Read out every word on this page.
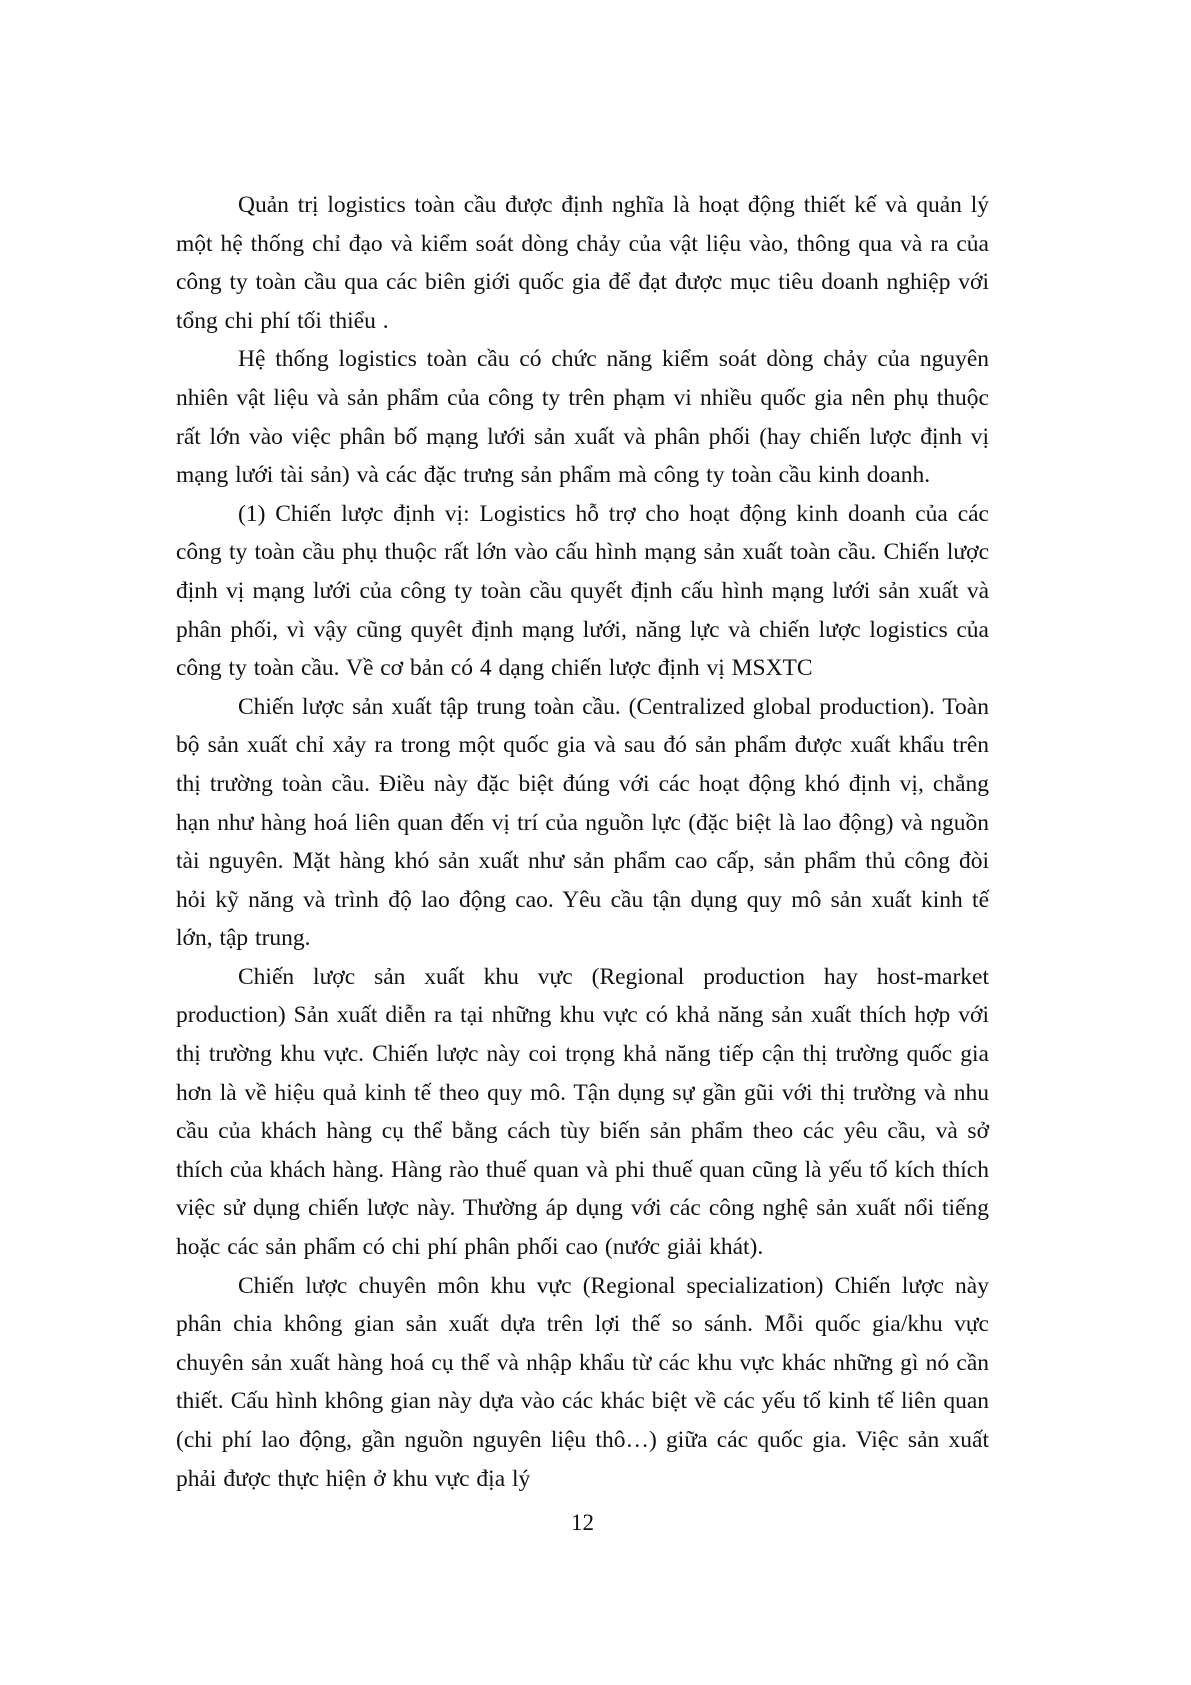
Quản trị logistics toàn cầu được định nghĩa là hoạt động thiết kế và quản lý một hệ thống chỉ đạo và kiểm soát dòng chảy của vật liệu vào, thông qua và ra của công ty toàn cầu qua các biên giới quốc gia để đạt được mục tiêu doanh nghiệp với tổng chi phí tối thiểu .

Hệ thống logistics toàn cầu có chức năng kiểm soát dòng chảy của nguyên nhiên vật liệu và sản phẩm của công ty trên phạm vi nhiều quốc gia nên phụ thuộc rất lớn vào việc phân bố mạng lưới sản xuất và phân phối (hay chiến lược định vị mạng lưới tài sản) và các đặc trưng sản phẩm mà công ty toàn cầu kinh doanh.

(1) Chiến lược định vị: Logistics hỗ trợ cho hoạt động kinh doanh của các công ty toàn cầu phụ thuộc rất lớn vào cấu hình mạng sản xuất toàn cầu. Chiến lược định vị mạng lưới của công ty toàn cầu quyết định cấu hình mạng lưới sản xuất và phân phối, vì vậy cũng quyêt định mạng lưới, năng lực và chiến lược logistics của công ty toàn cầu. Về cơ bản có 4 dạng chiến lược định vị MSXTC

Chiến lược sản xuất tập trung toàn cầu. (Centralized global production). Toàn bộ sản xuất chỉ xảy ra trong một quốc gia và sau đó sản phẩm được xuất khẩu trên thị trường toàn cầu. Điều này đặc biệt đúng với các hoạt động khó định vị, chẳng hạn như hàng hoá liên quan đến vị trí của nguồn lực (đặc biệt là lao động) và nguồn tài nguyên. Mặt hàng khó sản xuất như sản phẩm cao cấp, sản phẩm thủ công đòi hỏi kỹ năng và trình độ lao động cao. Yêu cầu tận dụng quy mô sản xuất kinh tế lớn, tập trung.

Chiến lược sản xuất khu vực (Regional production hay host-market production) Sản xuất diễn ra tại những khu vực có khả năng sản xuất thích hợp với thị trường khu vực. Chiến lược này coi trọng khả năng tiếp cận thị trường quốc gia hơn là về hiệu quả kinh tế theo quy mô. Tận dụng sự gần gũi với thị trường và nhu cầu của khách hàng cụ thể bằng cách tùy biến sản phẩm theo các yêu cầu, và sở thích của khách hàng. Hàng rào thuế quan và phi thuế quan cũng là yếu tố kích thích việc sử dụng chiến lược này. Thường áp dụng với các công nghệ sản xuất nổi tiếng hoặc các sản phẩm có chi phí phân phối cao (nước giải khát).

Chiến lược chuyên môn khu vực (Regional specialization) Chiến lược này phân chia không gian sản xuất dựa trên lợi thế so sánh. Mỗi quốc gia/khu vực chuyên sản xuất hàng hoá cụ thể và nhập khẩu từ các khu vực khác những gì nó cần thiết. Cấu hình không gian này dựa vào các khác biệt về các yếu tố kinh tế liên quan (chi phí lao động, gần nguồn nguyên liệu thô…) giữa các quốc gia. Việc sản xuất phải được thực hiện ở khu vực địa lý

12
